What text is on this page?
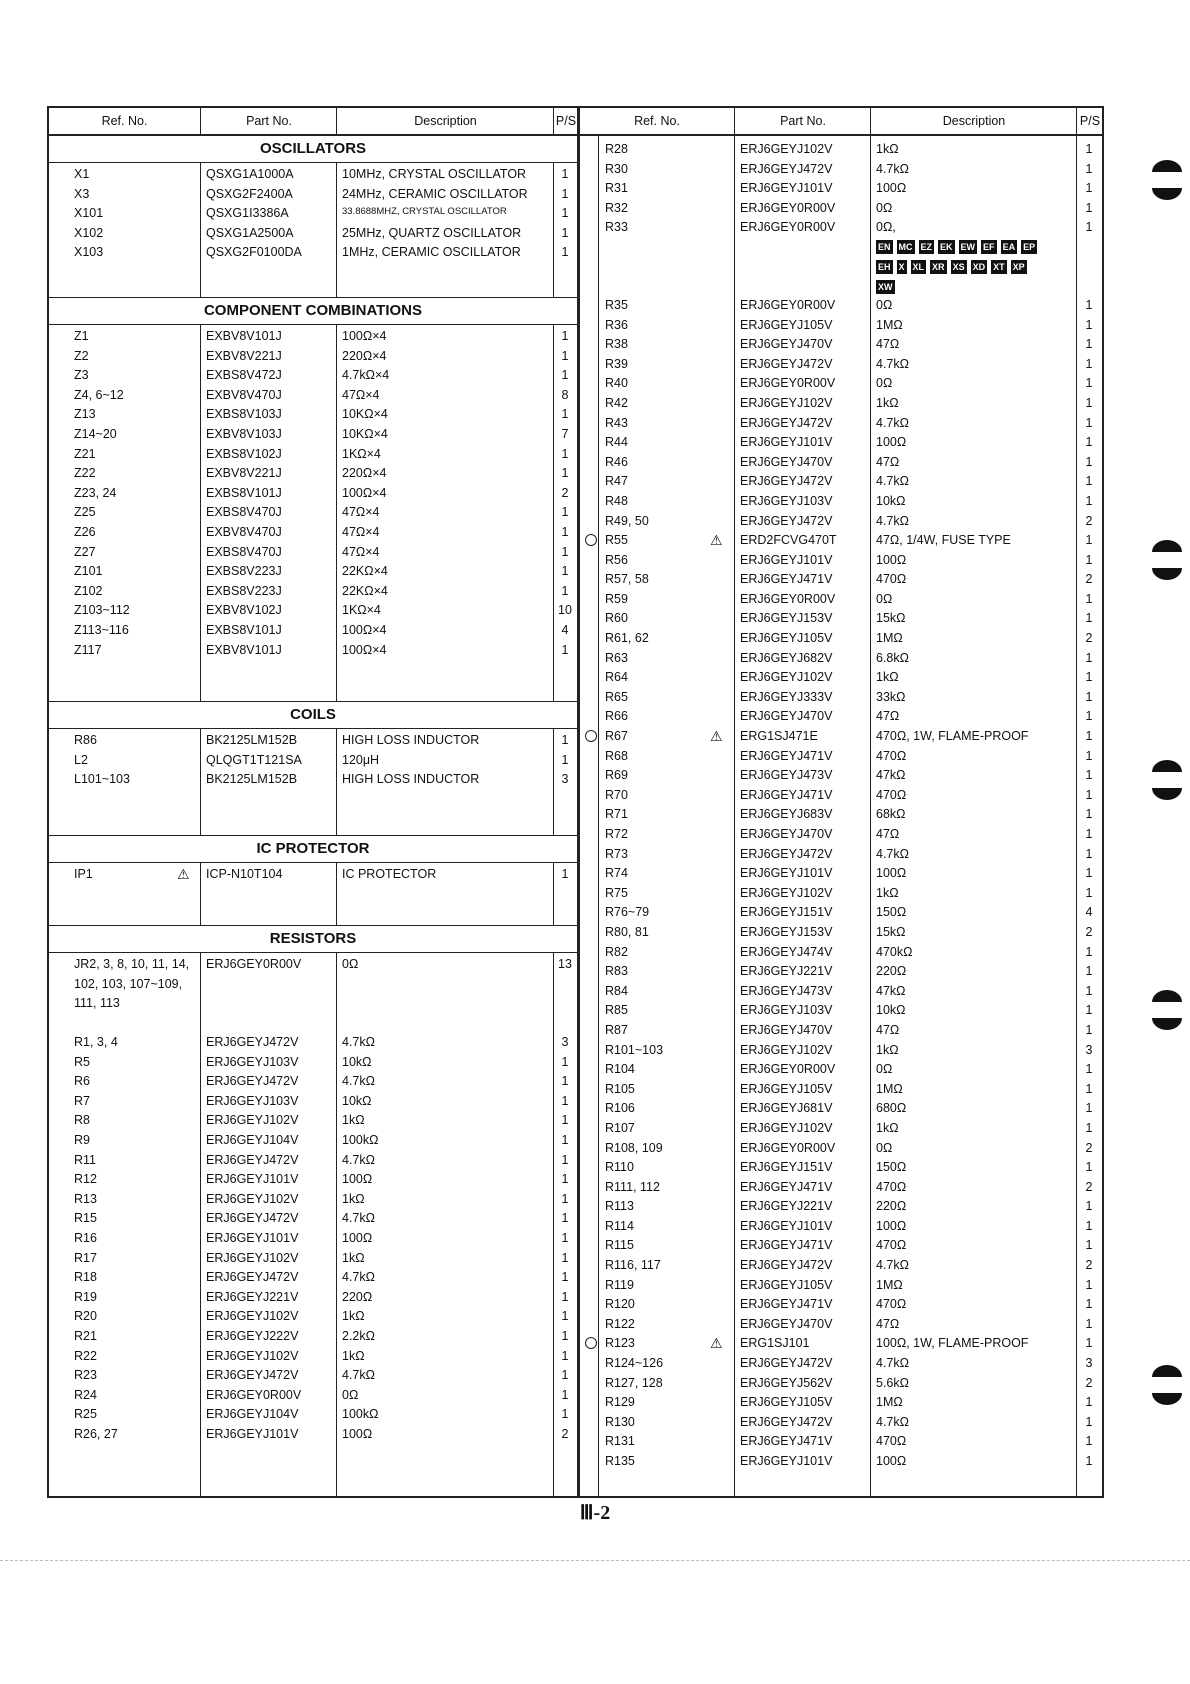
Ref. No.	Part No.	Description	P/S
OSCILLATORS
X1	QSXG1A1000A	10MHz, CRYSTAL OSCILLATOR	1
X3	QSXG2F2400A	24MHz, CERAMIC OSCILLATOR	1
X101	QSXG1I3386A	33.8688MHZ, CRYSTAL OSCILLATOR	1
X102	QSXG1A2500A	25MHz, QUARTZ OSCILLATOR	1
X103	QSXG2F0100DA	1MHz, CERAMIC OSCILLATOR	1
COMPONENT COMBINATIONS
Z1	EXBV8V101J	100Ω×4	1
Z2	EXBV8V221J	220Ω×4	1
Z3	EXBS8V472J	4.7kΩ×4	1
Z4, 6~12	EXBV8V470J	47Ω×4	8
Z13	EXBS8V103J	10KΩ×4	1
Z14~20	EXBV8V103J	10KΩ×4	7
Z21	EXBS8V102J	1KΩ×4	1
Z22	EXBV8V221J	220Ω×4	1
Z23, 24	EXBS8V101J	100Ω×4	2
Z25	EXBS8V470J	47Ω×4	1
Z26	EXBV8V470J	47Ω×4	1
Z27	EXBS8V470J	47Ω×4	1
Z101	EXBS8V223J	22KΩ×4	1
Z102	EXBS8V223J	22KΩ×4	1
Z103~112	EXBV8V102J	1KΩ×4	10
Z113~116	EXBS8V101J	100Ω×4	4
Z117	EXBV8V101J	100Ω×4	1
COILS
R86	BK2125LM152B	HIGH LOSS INDUCTOR	1
L2	QLQGT1T121SA	120μH	1
L101~103	BK2125LM152B	HIGH LOSS INDUCTOR	3
IC PROTECTOR
IP1	ICP-N10T104	IC PROTECTOR	1
⚠
RESISTORS
JR2, 3, 8, 10, 11, 14, 102, 103, 107~109, 111, 113
ERJ6GEY0R00V	0Ω	13
R1, 3, 4	ERJ6GEYJ472V	4.7kΩ	3
R5	ERJ6GEYJ103V	10kΩ	1
R6	ERJ6GEYJ472V	4.7kΩ	1
R7	ERJ6GEYJ103V	10kΩ	1
R8	ERJ6GEYJ102V	1kΩ	1
R9	ERJ6GEYJ104V	100kΩ	1
R11	ERJ6GEYJ472V	4.7kΩ	1
R12	ERJ6GEYJ101V	100Ω	1
R13	ERJ6GEYJ102V	1kΩ	1
R15	ERJ6GEYJ472V	4.7kΩ	1
R16	ERJ6GEYJ101V	100Ω	1
R17	ERJ6GEYJ102V	1kΩ	1
R18	ERJ6GEYJ472V	4.7kΩ	1
R19	ERJ6GEYJ221V	220Ω	1
R20	ERJ6GEYJ102V	1kΩ	1
R21	ERJ6GEYJ222V	2.2kΩ	1
R22	ERJ6GEYJ102V	1kΩ	1
R23	ERJ6GEYJ472V	4.7kΩ	1
R24	ERJ6GEY0R00V	0Ω	1
R25	ERJ6GEYJ104V	100kΩ	1
R26, 27	ERJ6GEYJ101V	100Ω	2
Ref. No.	Part No.	Description	P/S
R28	ERJ6GEYJ102V	1kΩ	1
R30	ERJ6GEYJ472V	4.7kΩ	1
R31	ERJ6GEYJ101V	100Ω	1
R32	ERJ6GEY0R00V	0Ω	1
R33	ERJ6GEY0R00V	0Ω,	1
EN MC EZ EK EW EF EA EP
EH X XL XR XS XD XT XP
XW
R35	ERJ6GEY0R00V	0Ω	1
R36	ERJ6GEYJ105V	1MΩ	1
R38	ERJ6GEYJ470V	47Ω	1
R39	ERJ6GEYJ472V	4.7kΩ	1
R40	ERJ6GEY0R00V	0Ω	1
R42	ERJ6GEYJ102V	1kΩ	1
R43	ERJ6GEYJ472V	4.7kΩ	1
R44	ERJ6GEYJ101V	100Ω	1
R46	ERJ6GEYJ470V	47Ω	1
R47	ERJ6GEYJ472V	4.7kΩ	1
R48	ERJ6GEYJ103V	10kΩ	1
R49, 50	ERJ6GEYJ472V	4.7kΩ	2
R55	ERD2FCVG470T	47Ω, 1/4W, FUSE TYPE	1
⚠
R56	ERJ6GEYJ101V	100Ω	1
R57, 58	ERJ6GEYJ471V	470Ω	2
R59	ERJ6GEY0R00V	0Ω	1
R60	ERJ6GEYJ153V	15kΩ	1
R61, 62	ERJ6GEYJ105V	1MΩ	2
R63	ERJ6GEYJ682V	6.8kΩ	1
R64	ERJ6GEYJ102V	1kΩ	1
R65	ERJ6GEYJ333V	33kΩ	1
R66	ERJ6GEYJ470V	47Ω	1
R67	ERG1SJ471E	470Ω, 1W, FLAME-PROOF	1
⚠
R68	ERJ6GEYJ471V	470Ω	1
R69	ERJ6GEYJ473V	47kΩ	1
R70	ERJ6GEYJ471V	470Ω	1
R71	ERJ6GEYJ683V	68kΩ	1
R72	ERJ6GEYJ470V	47Ω	1
R73	ERJ6GEYJ472V	4.7kΩ	1
R74	ERJ6GEYJ101V	100Ω	1
R75	ERJ6GEYJ102V	1kΩ	1
R76~79	ERJ6GEYJ151V	150Ω	4
R80, 81	ERJ6GEYJ153V	15kΩ	2
R82	ERJ6GEYJ474V	470kΩ	1
R83	ERJ6GEYJ221V	220Ω	1
R84	ERJ6GEYJ473V	47kΩ	1
R85	ERJ6GEYJ103V	10kΩ	1
R87	ERJ6GEYJ470V	47Ω	1
R101~103	ERJ6GEYJ102V	1kΩ	3
R104	ERJ6GEY0R00V	0Ω	1
R105	ERJ6GEYJ105V	1MΩ	1
R106	ERJ6GEYJ681V	680Ω	1
R107	ERJ6GEYJ102V	1kΩ	1
R108, 109	ERJ6GEY0R00V	0Ω	2
R110	ERJ6GEYJ151V	150Ω	1
R111, 112	ERJ6GEYJ471V	470Ω	2
R113	ERJ6GEYJ221V	220Ω	1
R114	ERJ6GEYJ101V	100Ω	1
R115	ERJ6GEYJ471V	470Ω	1
R116, 117	ERJ6GEYJ472V	4.7kΩ	2
R119	ERJ6GEYJ105V	1MΩ	1
R120	ERJ6GEYJ471V	470Ω	1
R122	ERJ6GEYJ470V	47Ω	1
R123	ERG1SJ101	100Ω, 1W, FLAME-PROOF	1
⚠
R124~126	ERJ6GEYJ472V	4.7kΩ	3
R127, 128	ERJ6GEYJ562V	5.6kΩ	2
R129	ERJ6GEYJ105V	1MΩ	1
R130	ERJ6GEYJ472V	4.7kΩ	1
R131	ERJ6GEYJ471V	470Ω	1
R135	ERJ6GEYJ101V	100Ω	1
Ⅲ-2
